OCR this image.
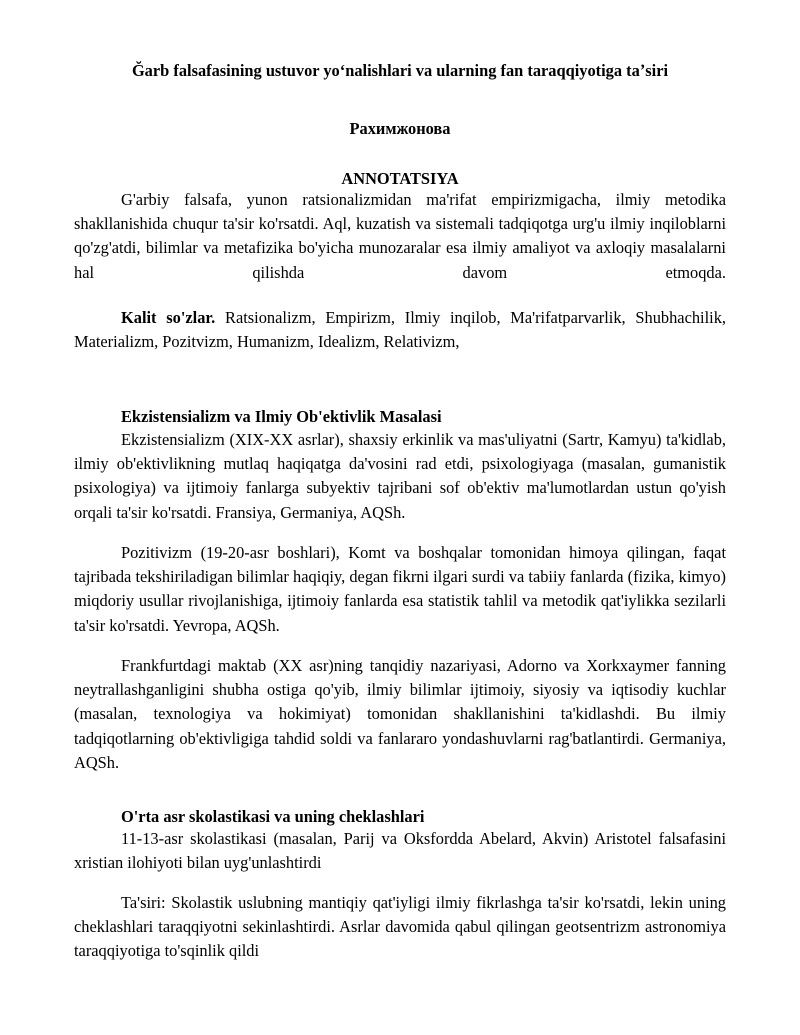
Ğarb falsafasining ustuvor yoʻnalishlari va ularning fan taraqqiyotiga taʼsiri
Рахимжонова
ANNOTATSIYA

G'arbiy falsafa, yunon ratsionalizmidan ma'rifat empirizmigacha, ilmiy metodika shakllanishida chuqur ta'sir ko'rsatdi. Aql, kuzatish va sistemali tadqiqotga urg'u ilmiy inqiloblarni qo'zg'atdi, bilimlar va metafizika bo'yicha munozaralar esa ilmiy amaliyot va axloqiy masalalarni hal qilishda davom etmoqda.

Kalit so'zlar. Ratsionalizm, Empirizm, Ilmiy inqilob, Ma'rifatparvarlik, Shubhachilik, Materializm, Pozitvizm, Humanizm, Idealizm, Relativizm,

Ekzistensializm va Ilmiy Ob'ektivlik Masalasi

Ekzistensializm (XIX-XX asrlar), shaxsiy erkinlik va mas'uliyatni (Sartr, Kamyu) ta'kidlab, ilmiy ob'ektivlikning mutlaq haqiqatga da'vosini rad etdi, psixologiyaga (masalan, gumanistik psixologiya) va ijtimoiy fanlarga subyektiv tajribani sof ob'ektiv ma'lumotlardan ustun qo'yish orqali ta'sir ko'rsatdi. Fransiya, Germaniya, AQSh.

Pozitivizm (19-20-asr boshlari), Komt va boshqalar tomonidan himoya qilingan, faqat tajribada tekshiriladigan bilimlar haqiqiy, degan fikrni ilgari surdi va tabiiy fanlarda (fizika, kimyo) miqdoriy usullar rivojlanishiga, ijtimoiy fanlarda esa statistik tahlil va metodik qat'iylikka sezilarli ta'sir ko'rsatdi. Yevropa, AQSh.

Frankfurtdagi maktab (XX asr)ning tanqidiy nazariyasi, Adorno va Xorkxaymer fanning neytrallashganligini shubha ostiga qo'yib, ilmiy bilimlar ijtimoiy, siyosiy va iqtisodiy kuchlar (masalan, texnologiya va hokimiyat) tomonidan shakllanishini ta'kidlashdi. Bu ilmiy tadqiqotlarning ob'ektivligiga tahdid soldi va fanlararo yondashuvlarni rag'batlantirdi. Germaniya, AQSh.

O'rta asr skolastikasi va uning cheklashlari

11-13-asr skolastikasi (masalan, Parij va Oksfordda Abelard, Akvin) Aristotel falsafasini xristian ilohiyoti bilan uyg'unlashtirdi

Ta'siri: Skolastik uslubning mantiqiy qat'iyligi ilmiy fikrlashga ta'sir ko'rsatdi, lekin uning cheklashlari taraqqiyotni sekinlashtirdi. Asrlar davomida qabul qilingan geotsentrizm astronomiya taraqqiyotiga to'sqinlik qildi
